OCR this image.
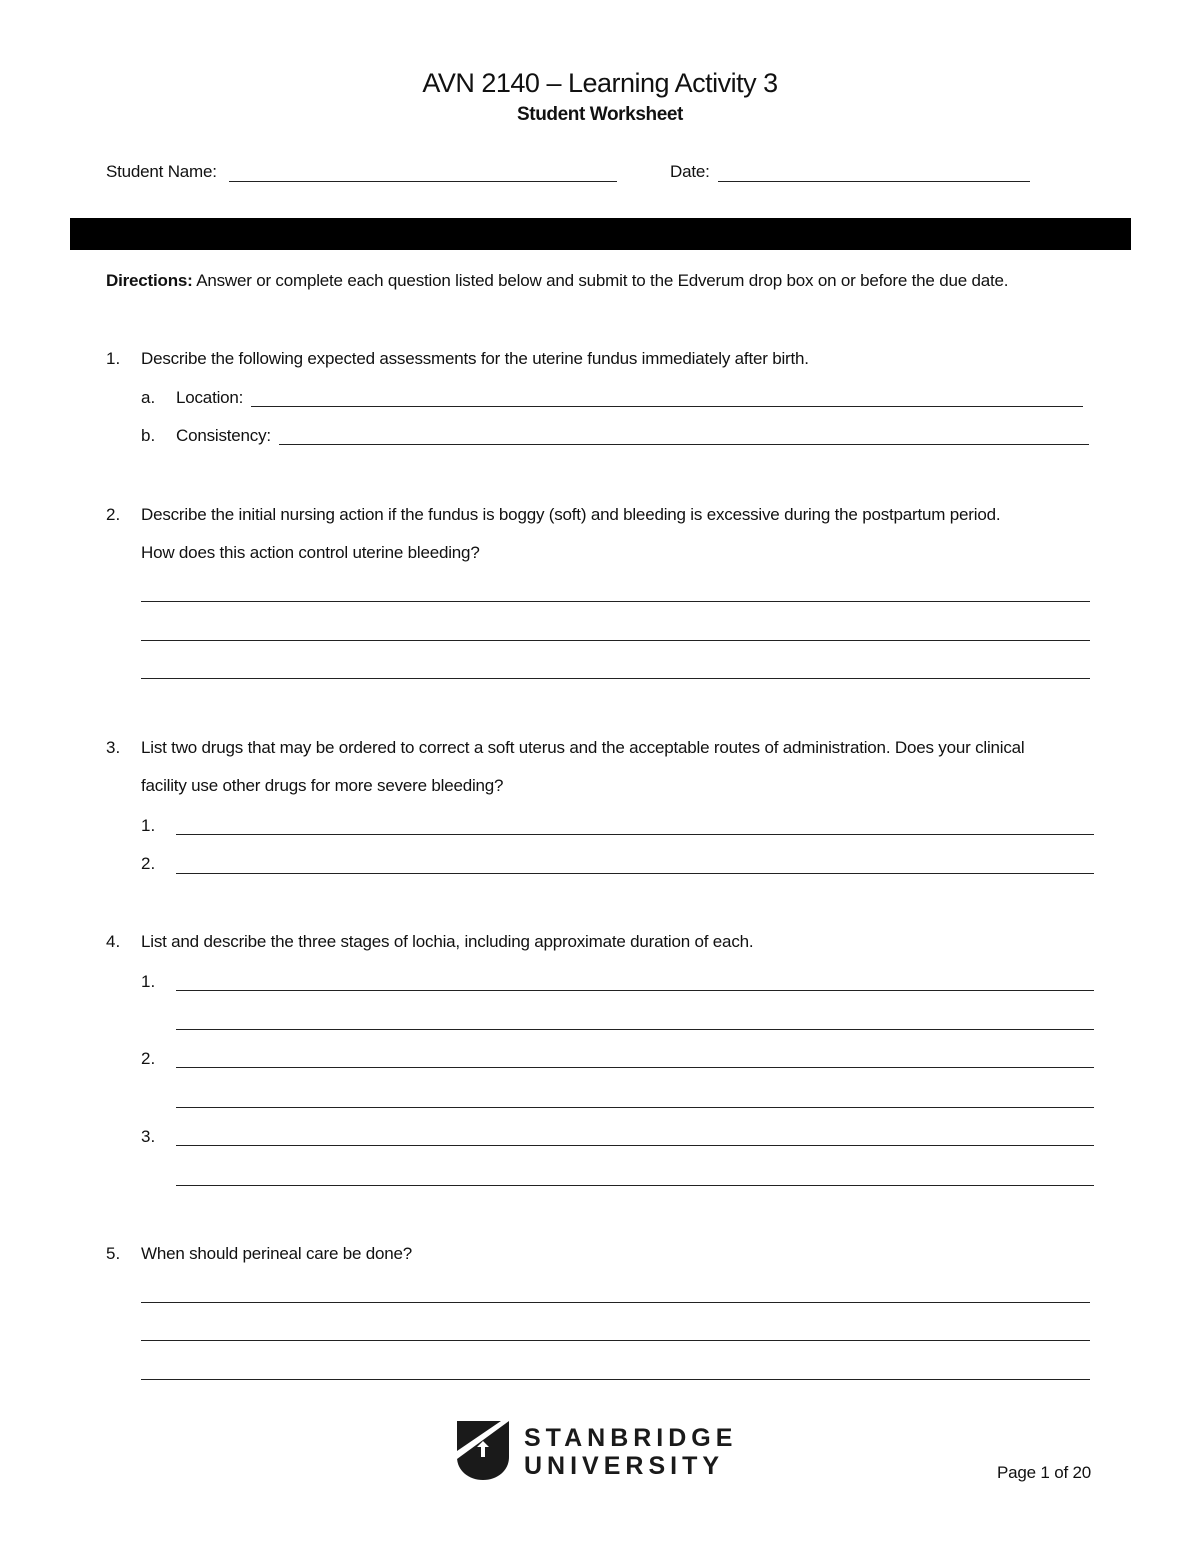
AVN 2140 – Learning Activity 3
Student Worksheet
Student Name:	Date:
Directions: Answer or complete each question listed below and submit to the Edverum drop box on or before the due date.
1. Describe the following expected assessments for the uterine fundus immediately after birth.
a. Location:
b. Consistency:
2. Describe the initial nursing action if the fundus is boggy (soft) and bleeding is excessive during the postpartum period.
How does this action control uterine bleeding?
3. List two drugs that may be ordered to correct a soft uterus and the acceptable routes of administration. Does your clinical
facility use other drugs for more severe bleeding?
1.
2.
4. List and describe the three stages of lochia, including approximate duration of each.
1.
2.
3.
5. When should perineal care be done?
STANBRIDGE
UNIVERSITY	Page 1 of 20
